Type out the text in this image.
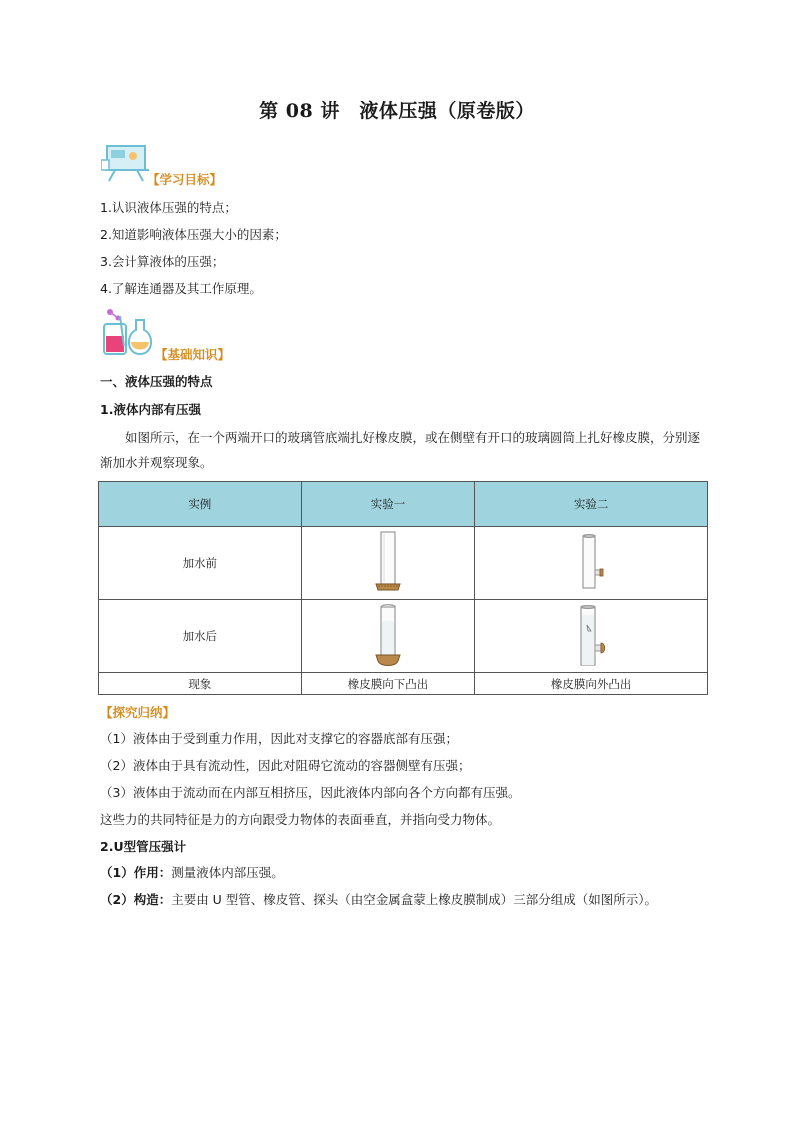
第 08 讲　液体压强（原卷版）
【学习目标】
1.认识液体压强的特点；
2.知道影响液体压强大小的因素；
3.会计算液体的压强；
4.了解连通器及其工作原理。
【基础知识】
一、液体压强的特点
1.液体内部有压强
如图所示，在一个两端开口的玻璃管底端扎好橡皮膜，或在侧壁有开口的玻璃圆筒上扎好橡皮膜，分别逐渐加水并观察现象。
实例	实验一	实验二
加水前	

加水后	

现象	橡皮膜向下凸出	橡皮膜向外凸出
【探究归纳】
（1）液体由于受到重力作用，因此对支撑它的容器底部有压强；
（2）液体由于具有流动性，因此对阻碍它流动的容器侧壁有压强；
（3）液体由于流动而在内部互相挤压，因此液体内部向各个方向都有压强。
这些力的共同特征是力的方向跟受力物体的表面垂直，并指向受力物体。
2.U型管压强计
（1）作用：测量液体内部压强。
（2）构造：主要由 U 型管、橡皮管、探头（由空金属盒蒙上橡皮膜制成）三部分组成（如图所示）。
